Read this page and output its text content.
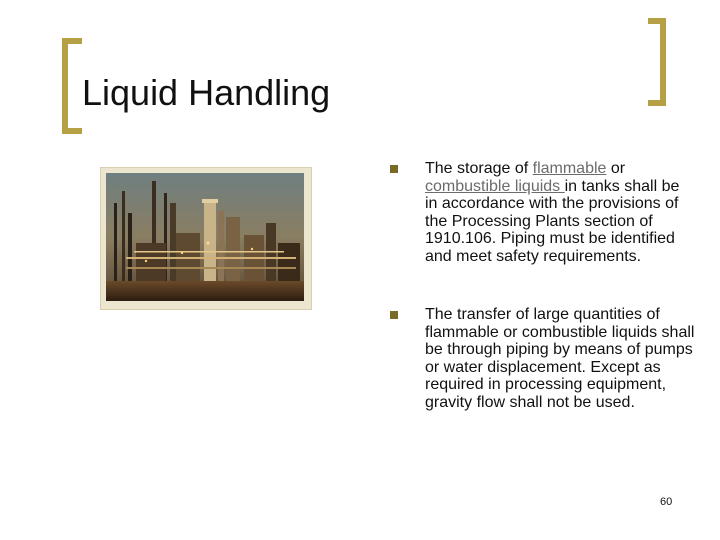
Liquid Handling
The storage of flammable or combustible liquids in tanks shall be in accordance with the provisions of the Processing Plants section of 1910.106. Piping must be identified and meet safety requirements.
The transfer of large quantities of flammable or combustible liquids shall be through piping by means of pumps or water displacement. Except as required in processing equipment, gravity flow shall not be used.
60
